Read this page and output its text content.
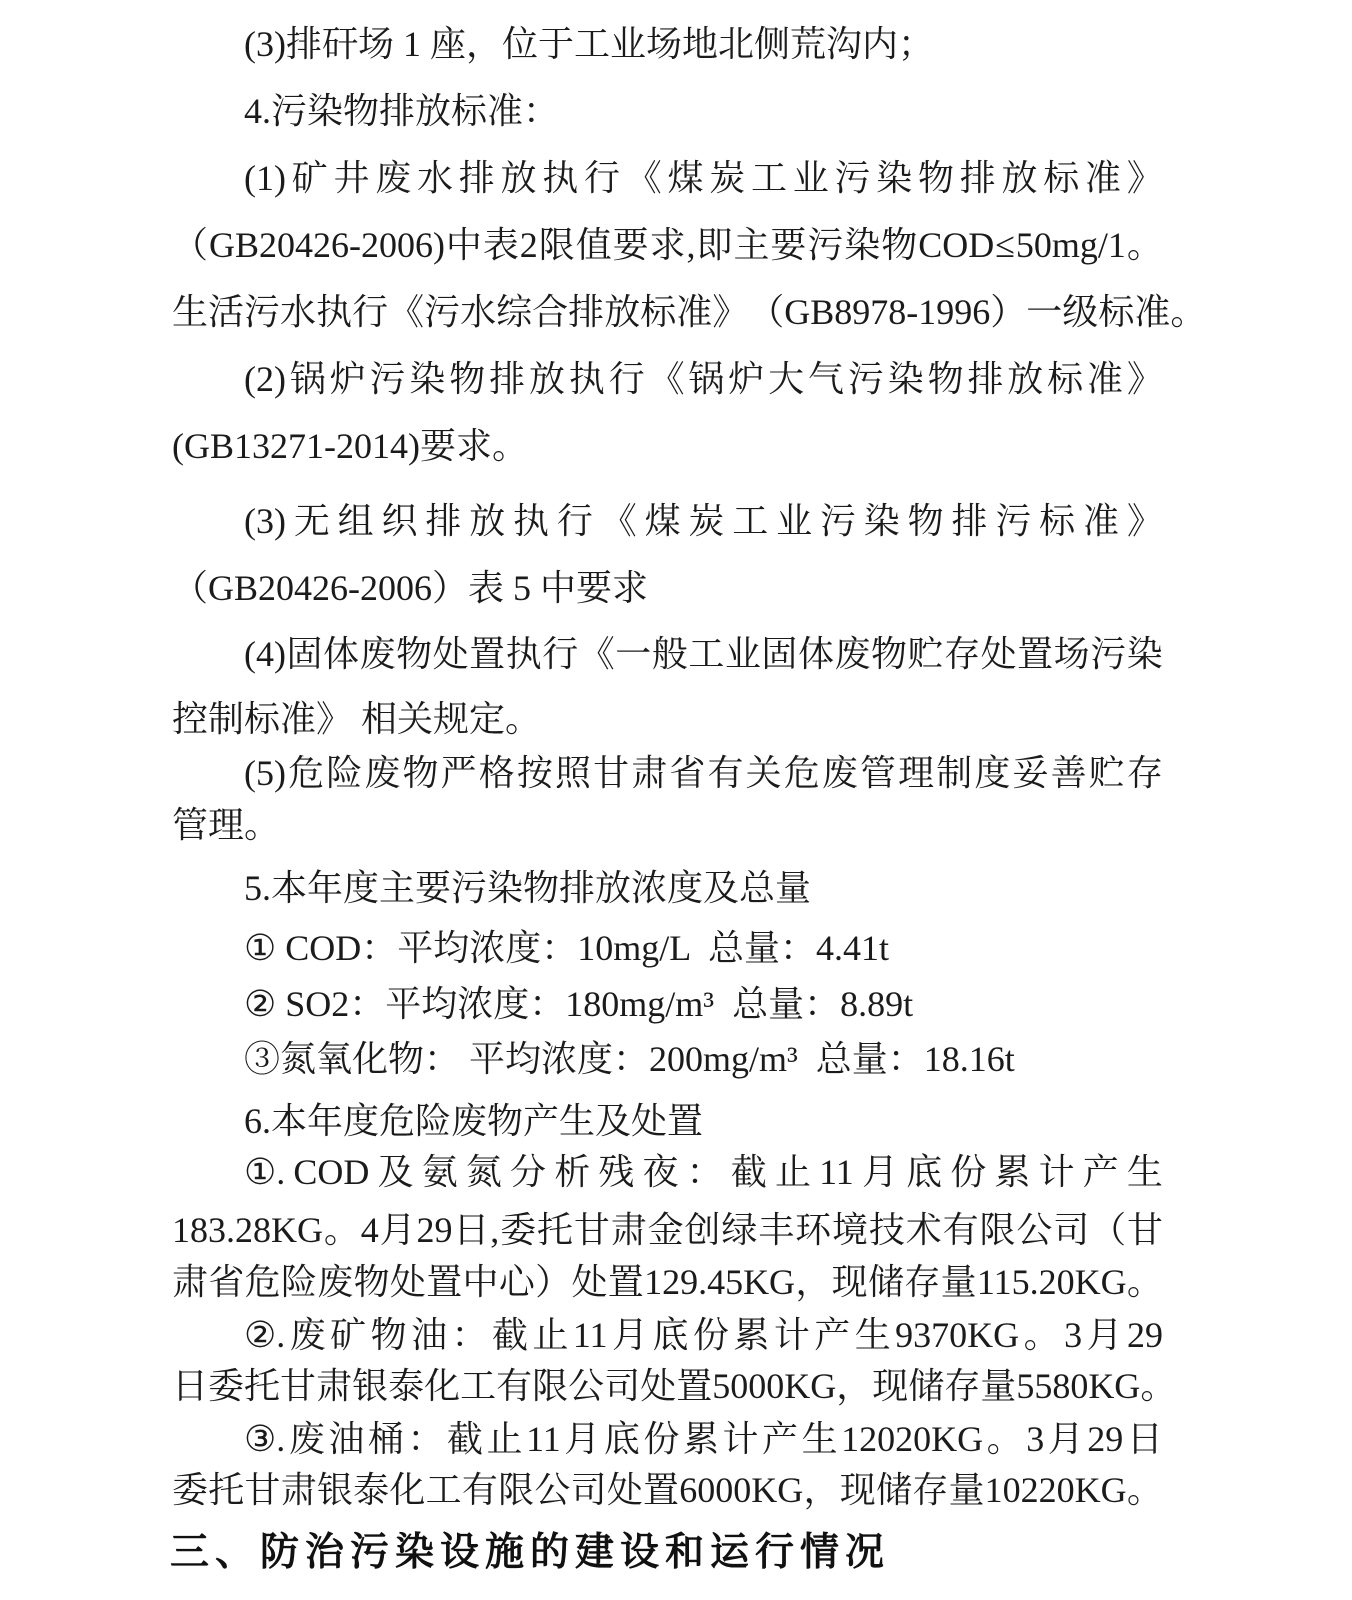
(3)排矸场 1 座，位于工业场地北侧荒沟内；
4.污染物排放标准：
(1) 矿 井 废 水 排 放 执 行 《 煤 炭 工 业 污 染 物 排 放 标 准 》
（ GB20426-2006) 中 表 2 限 值 要 求 , 即 主 要 污 染 物 COD ≤ 50mg/1 。
生 活 污 水 执 行 《 污 水 综 合 排 放 标 准 》 （ GB8978-1996 ） 一 级 标 准 。
(2) 锅 炉 污 染 物 排 放 执 行 《 锅 炉 大 气 污 染 物 排 放 标 准 》
(GB13271-2014)要求。
(3) 无 组 织 排 放 执 行 《 煤 炭 工 业 污 染 物 排 污 标 准 》
（GB20426-2006）表 5 中要求
(4) 固 体 废 物 处 置 执 行 《 一 般 工 业 固 体 废 物 贮 存 处 置 场 污 染
控制标准》 相关规定。
(5) 危 险 废 物 严 格 按 照 甘 肃 省 有 关 危 废 管 理 制 度 妥 善 贮 存
管理。
5.本年度主要污染物排放浓度及总量
① COD：平均浓度：10mg/L  总量：4.41t
② SO2：平均浓度：180mg/m³  总量：8.89t
③氮氧化物： 平均浓度：200mg/m³  总量：18.16t
6.本年度危险废物产生及处置
①. COD 及 氨 氮 分 析 残 夜 ： 截 止 11 月 底 份 累 计 产 生
183.28KG 。 4 月 29 日 , 委 托 甘 肃 金 创 绿 丰 环 境 技 术 有 限 公 司 （ 甘
肃 省 危 险 废 物 处 置 中 心 ） 处 置 129.45KG ， 现 储 存 量 115.20KG 。
②. 废 矿 物 油 ： 截 止 11 月 底 份 累 计 产 生 9370KG 。 3 月 29
日 委 托 甘 肃 银 泰 化 工 有 限 公 司 处 置 5000KG ， 现 储 存 量 5580KG 。
③. 废 油 桶 ： 截 止 11 月 底 份 累 计 产 生 12020KG 。 3 月 29 日
委 托 甘 肃 银 泰 化 工 有 限 公 司 处 置 6000KG ， 现 储 存 量 10220KG 。
三、防治污染设施的建设和运行情况
